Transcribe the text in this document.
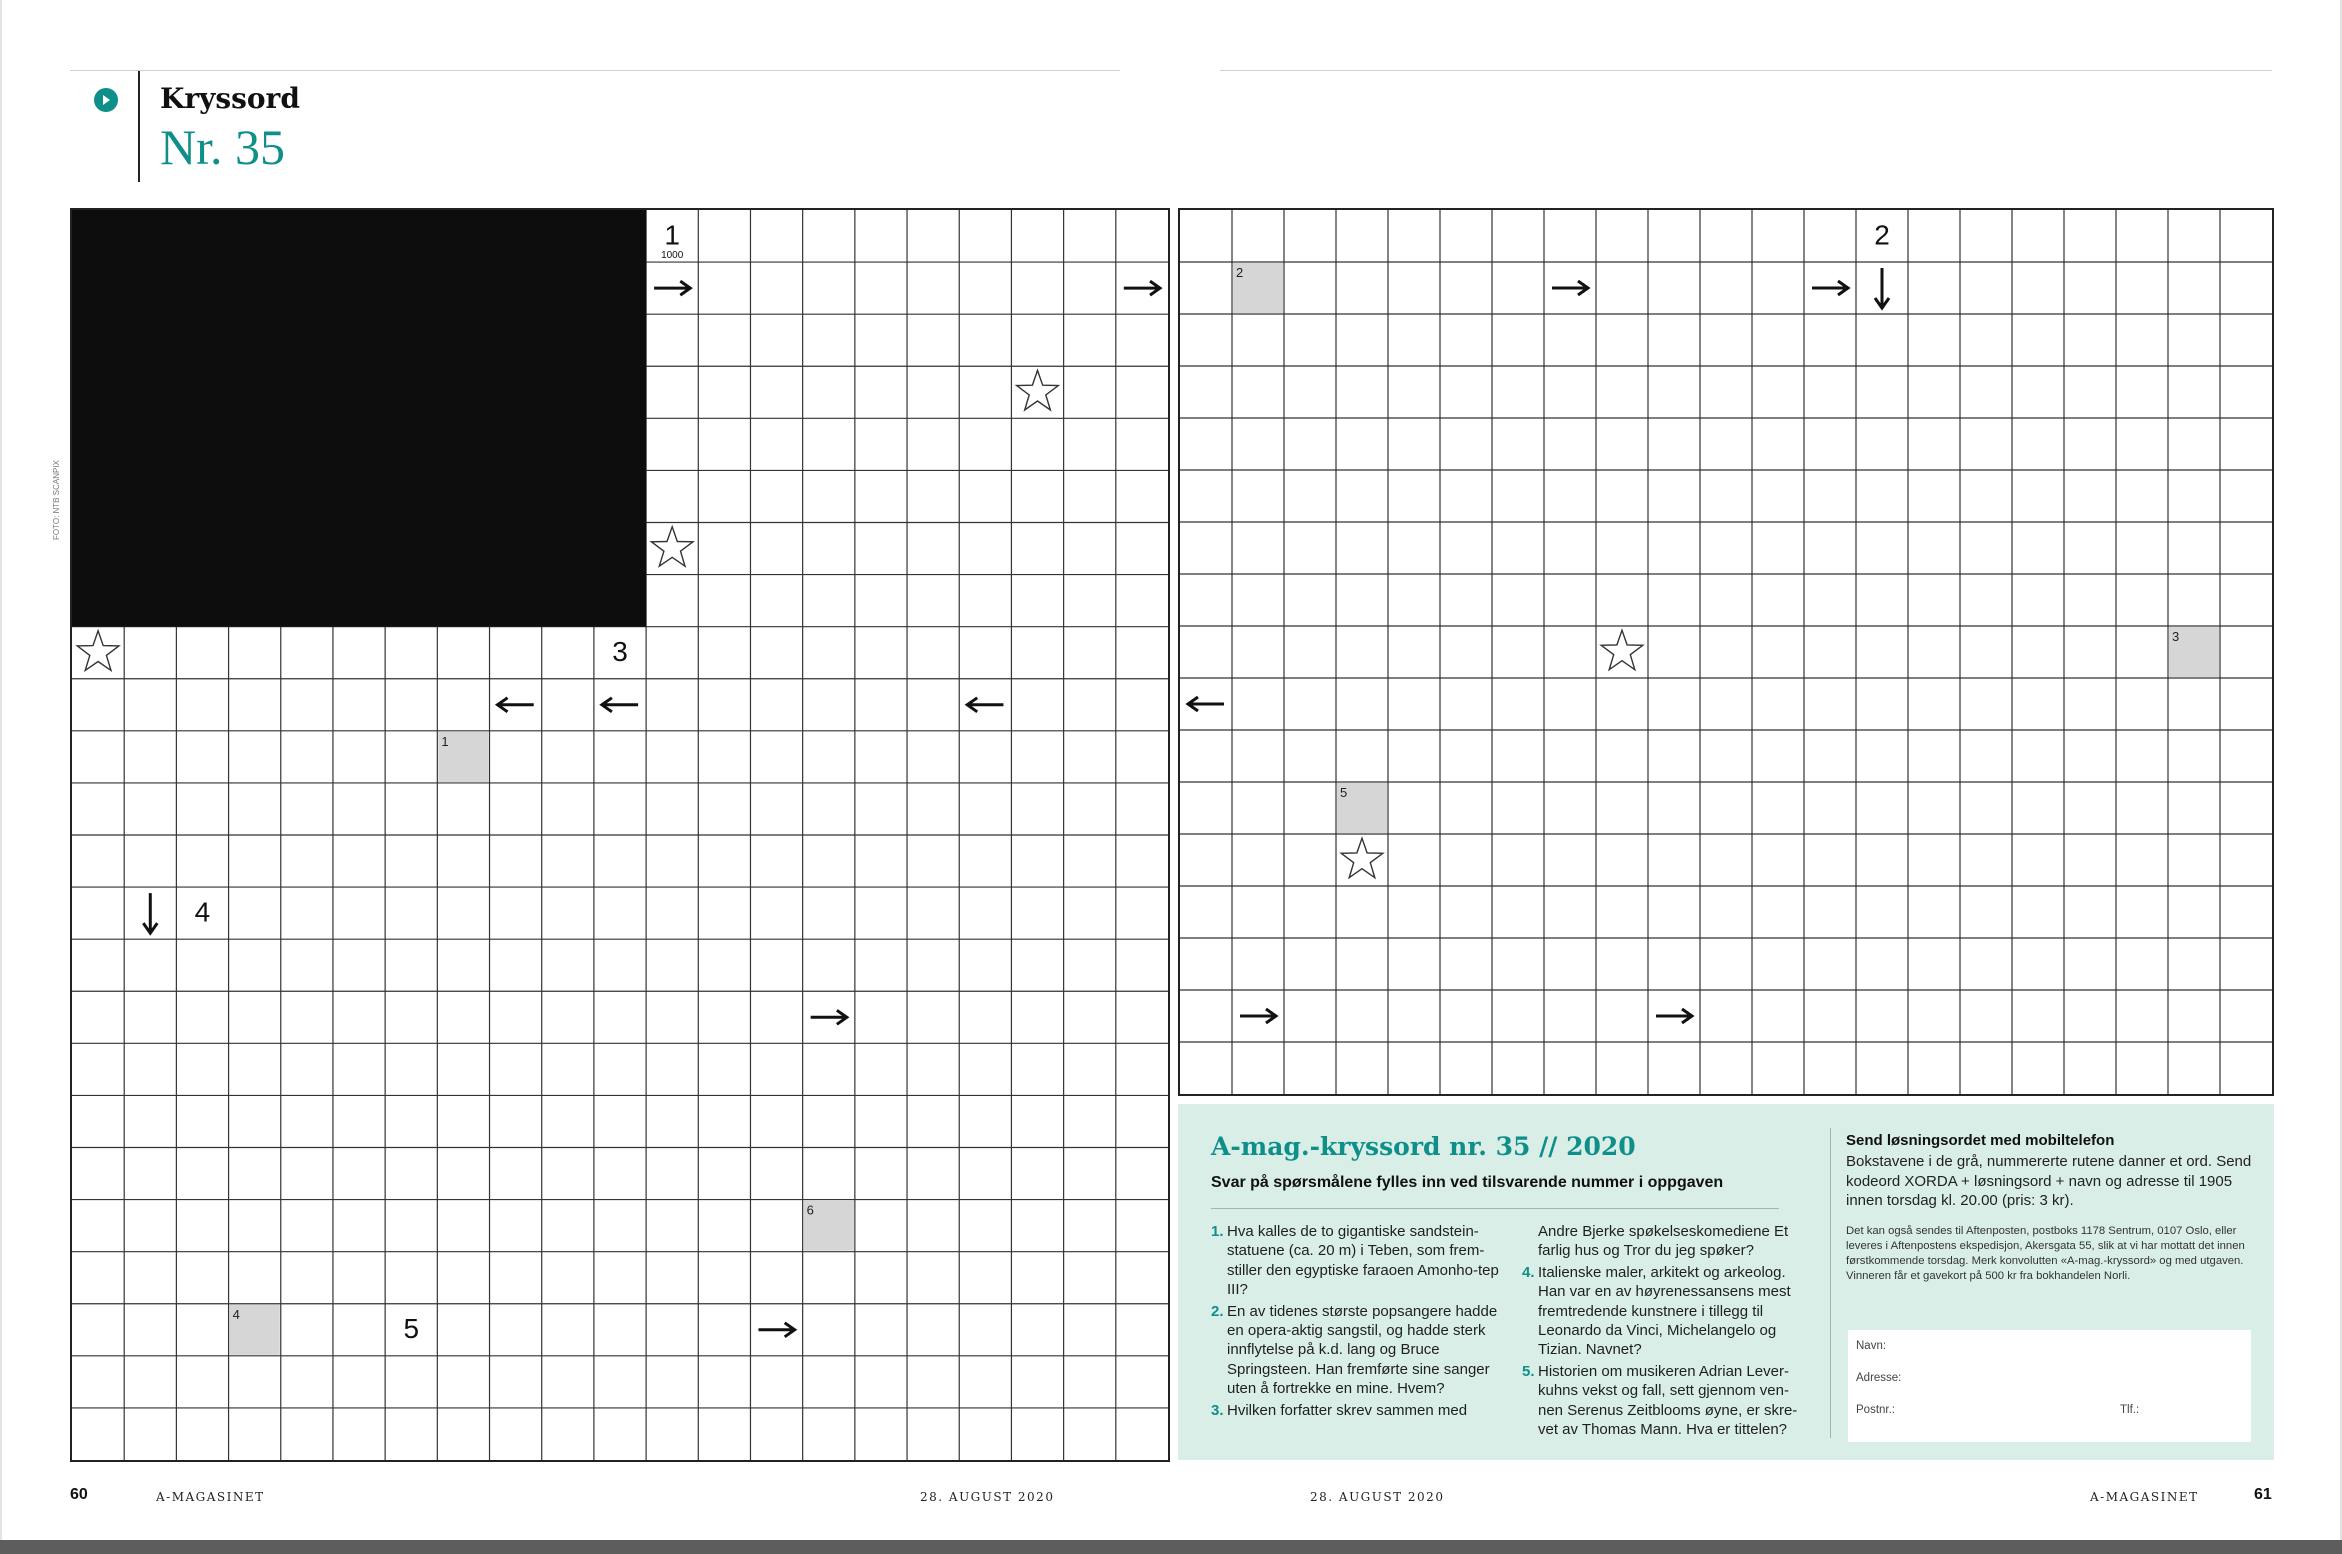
Kryssord
Nr. 35
FOTO: NTB SCANPIX
1
6
4
1
1000
3
4
5
2
3
5
2
A-mag.-kryssord nr. 35 // 2020
Svar på spørsmålene fylles inn ved tilsvarende nummer i oppgaven

1. Hva kalles de to gigantiske sandstein-statuene (ca. 20 m) i Teben, som frem-stiller den egyptiske faraoen Amonho-tep III?

2. En av tidenes største popsangere hadde en opera-aktig sangstil, og hadde sterk innflytelse på k.d. lang og Bruce Springsteen. Han fremførte sine sanger uten å fortrekke en mine. Hvem?

3. Hvilken forfatter skrev sammen med

Andre Bjerke spøkelseskomediene Et farlig hus og Tror du jeg spøker?

4. Italienske maler, arkitekt og arkeolog. Han var en av høyrenessansens mest fremtredende kunstnere i tillegg til Leonardo da Vinci, Michelangelo og Tizian. Navnet?

5. Historien om musikeren Adrian Lever-kuhns vekst og fall, sett gjennom ven-nen Serenus Zeitblooms øyne, er skre-vet av Thomas Mann. Hva er tittelen?

Send løsningsordet med mobiltelefon
Bokstavene i de grå, nummererte rutene danner et ord. Send kodeord XORDA + løsningsord + navn og adresse til 1905 innen torsdag kl. 20.00 (pris: 3 kr).
Det kan også sendes til Aftenposten, postboks 1178 Sentrum, 0107 Oslo, eller leveres i Aftenpostens ekspedisjon, Akersgata 55, slik at vi har mottatt det innen førstkommende torsdag. Merk konvolutten «A-mag.-kryssord» og med utgaven. Vinneren får et gavekort på 500 kr fra bokhandelen Norli.
Navn:
Adresse:
Postnr.:	Tlf.:
60	A-MAGASINET	28. AUGUST 2020	28. AUGUST 2020	A-MAGASINET	61
